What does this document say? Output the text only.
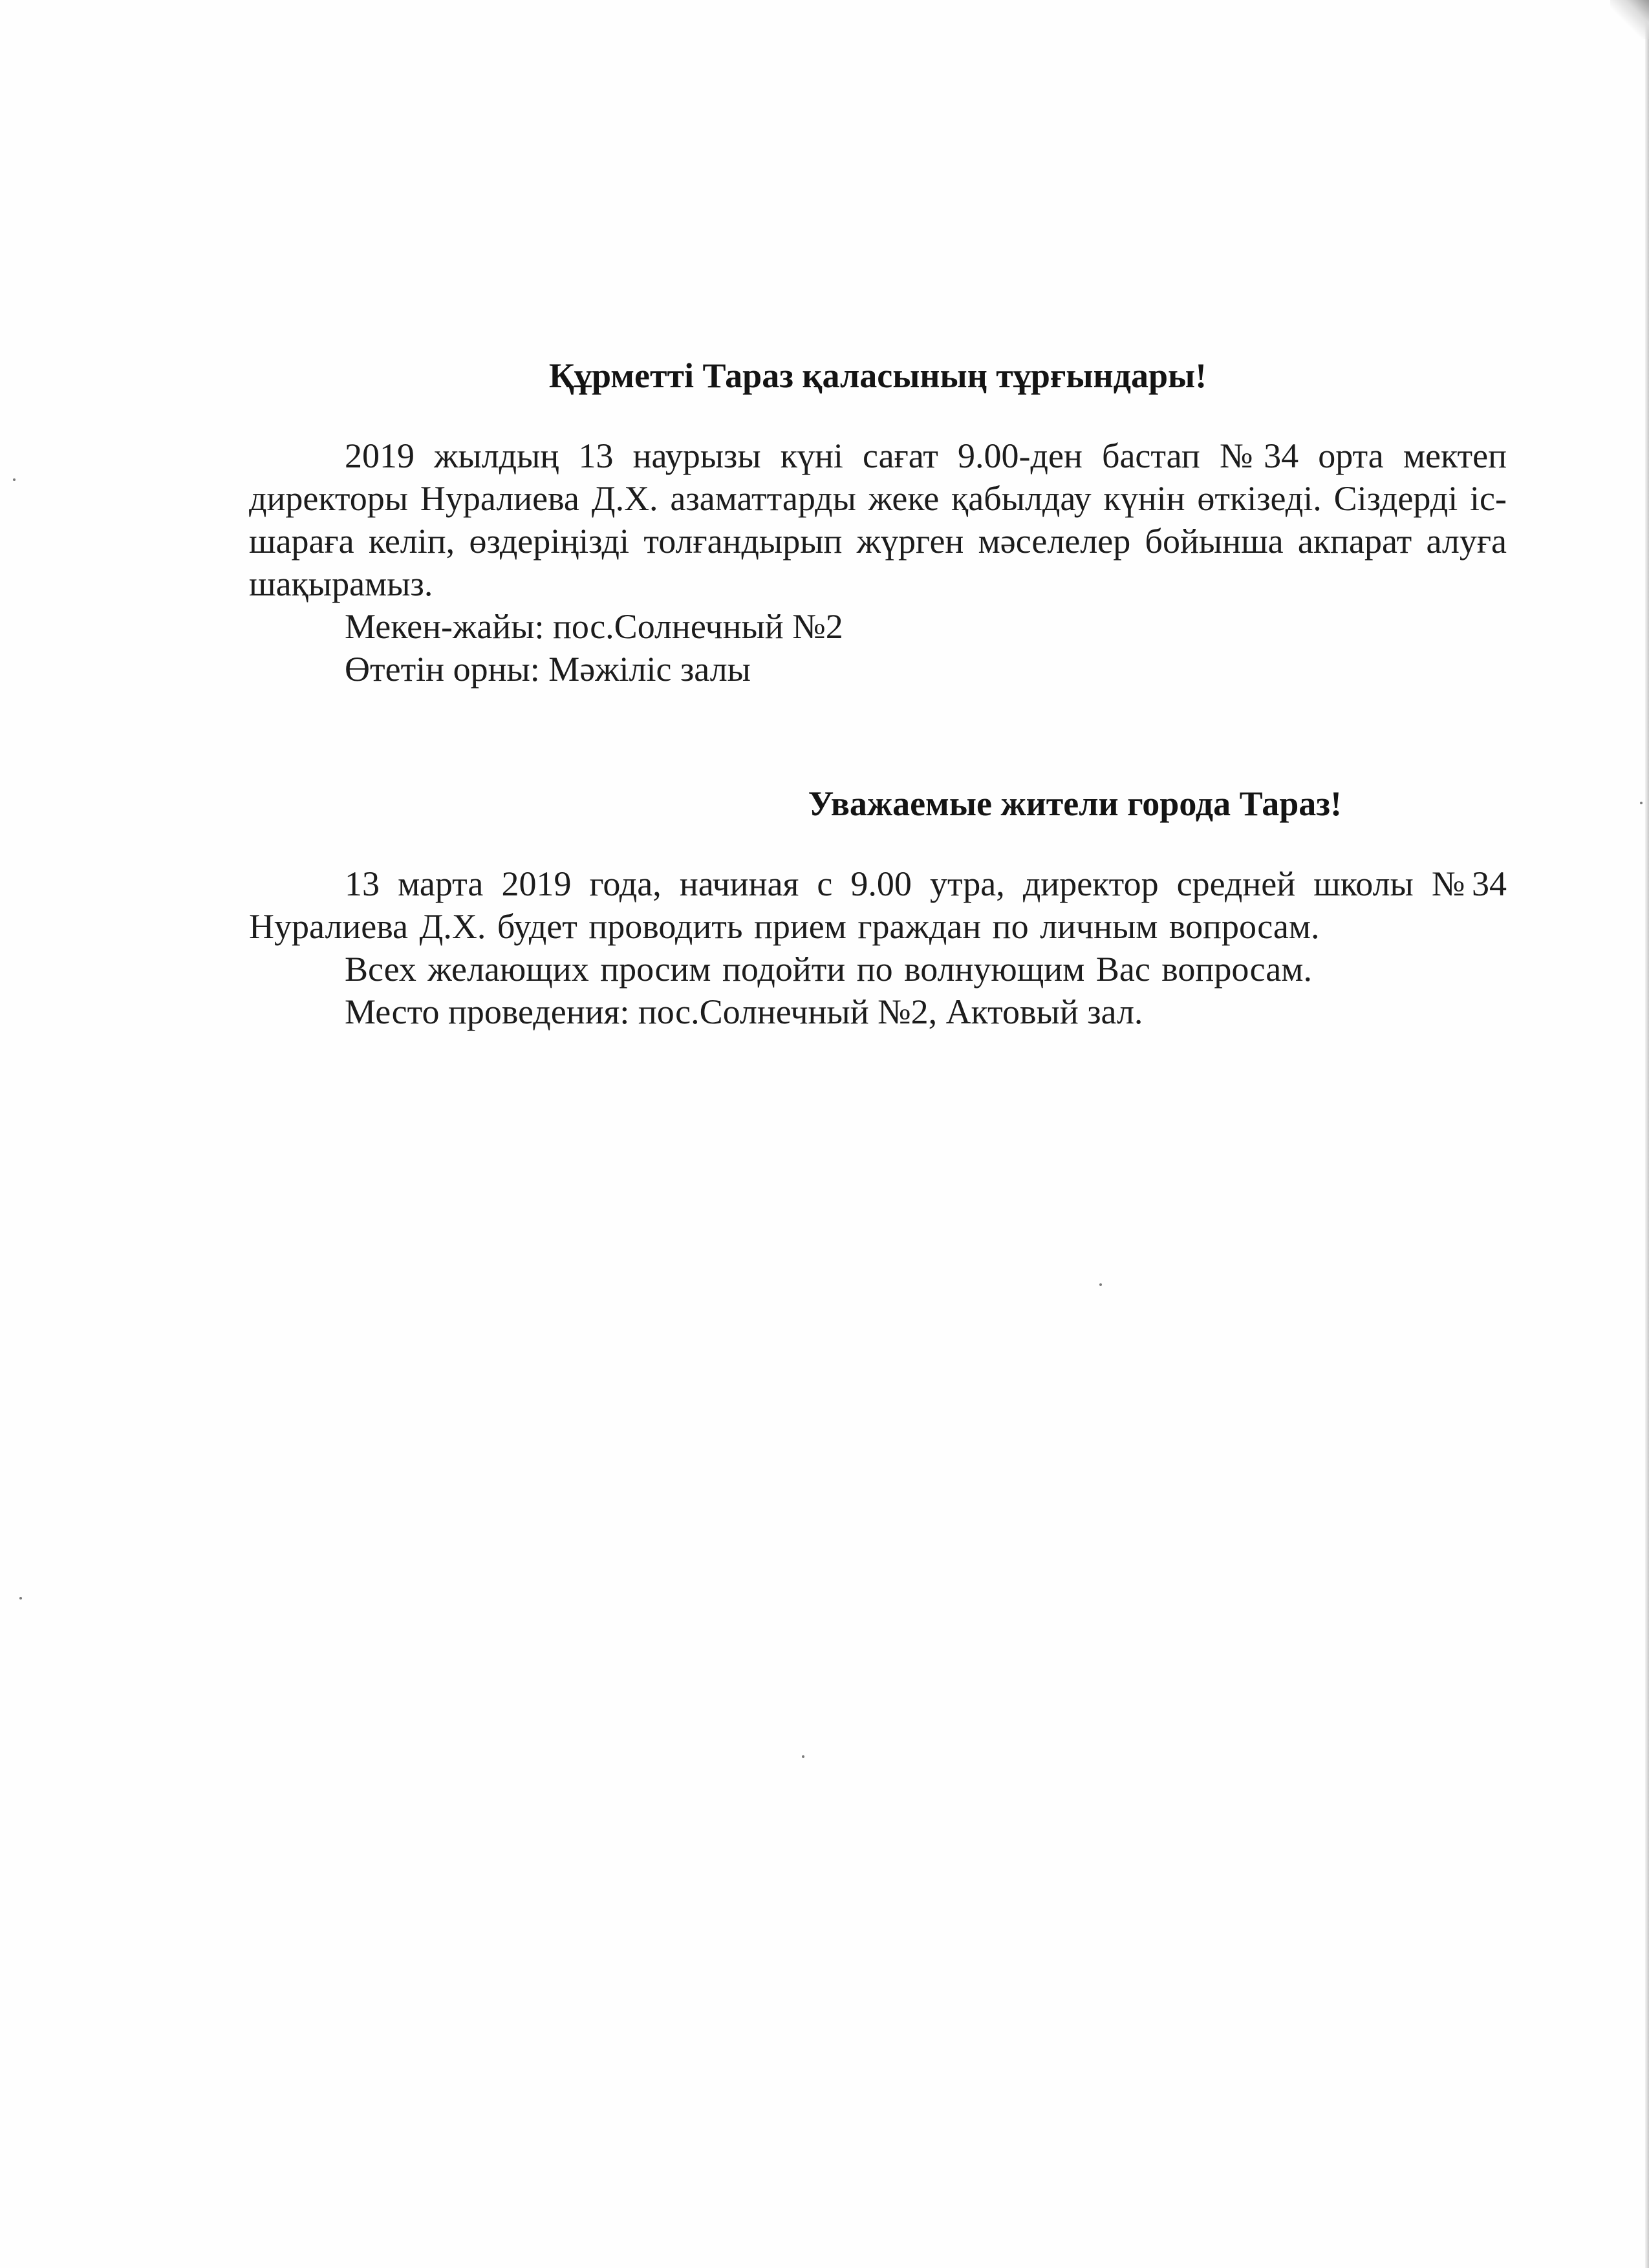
Құрметті Тараз қаласының тұрғындары!

2019 жылдың 13 наурызы күні сағат 9.00-ден бастап №34 орта мектеп директоры Нуралиева Д.Х. азаматтарды жеке қабылдау күнін өткізеді. Сіздерді іс-шараға келіп, өздеріңізді толғандырып жүрген мәселелер бойынша акпарат алуға шақырамыз.

Мекен-жайы: пос.Солнечный №2

Өтетін орны: Мәжіліс залы

Уважаемые жители города Тараз!

13 марта 2019 года, начиная с 9.00 утра, директор средней школы №34 Нуралиева Д.Х. будет проводить прием граждан по личным вопросам.

Всех желающих просим подойти по волнующим Вас вопросам.

Место проведения: пос.Солнечный №2, Актовый зал.
